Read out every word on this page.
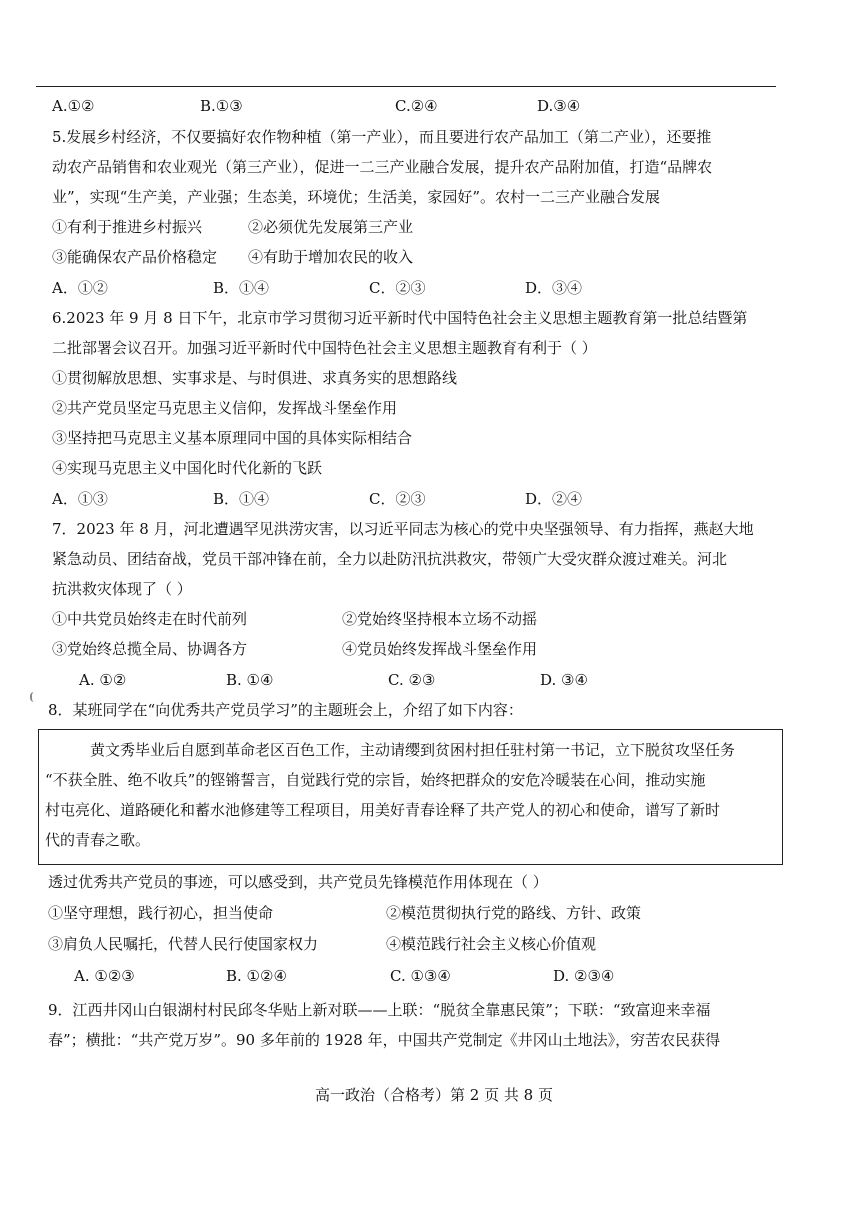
A.①②	B.①③	C.②④	D.③④
5.发展乡村经济，不仅要搞好农作物种植（第一产业），而且要进行农产品加工（第二产业），还要推
动农产品销售和农业观光（第三产业），促进一二三产业融合发展，提升农产品附加值，打造“品牌农
业”，实现“生产美，产业强；生态美，环境优；生活美，家园好”。农村一二三产业融合发展
①有利于推进乡村振兴	②必须优先发展第三产业
③能确保农产品价格稳定 ④有助于增加农民的收入
A．①②	B．①④	C．②③	D．③④
6.2023 年 9 月 8 日下午，北京市学习贯彻习近平新时代中国特色社会主义思想主题教育第一批总结暨第
二批部署会议召开。加强习近平新时代中国特色社会主义思想主题教育有利于（ ）
①贯彻解放思想、实事求是、与时俱进、求真务实的思想路线
②共产党员坚定马克思主义信仰，发挥战斗堡垒作用
③坚持把马克思主义基本原理同中国的具体实际相结合
④实现马克思主义中国化时代化新的飞跃
A．①③	B．①④	C．②③	D．②④
7．2023 年 8 月，河北遭遇罕见洪涝灾害，以习近平同志为核心的党中央坚强领导、有力指挥，燕赵大地
紧急动员、团结奋战，党员干部冲锋在前，全力以赴防汛抗洪救灾，带领广大受灾群众渡过难关。河北
抗洪救灾体现了（ ）
①中共党员始终走在时代前列	②党始终坚持根本立场不动摇
③党始终总揽全局、协调各方	④党员始终发挥战斗堡垒作用
A. ①②	B. ①④	C. ②③	D. ③④
8．某班同学在“向优秀共产党员学习”的主题班会上，介绍了如下内容：
黄文秀毕业后自愿到革命老区百色工作，主动请缨到贫困村担任驻村第一书记，立下脱贫攻坚任务
“不获全胜、绝不收兵”的铿锵誓言，自觉践行党的宗旨，始终把群众的安危冷暖装在心间，推动实施
村屯亮化、道路硬化和蓄水池修建等工程项目，用美好青春诠释了共产党人的初心和使命，谱写了新时
代的青春之歌。
透过优秀共产党员的事迹，可以感受到，共产党员先锋模范作用体现在（ ）
①坚守理想，践行初心，担当使命	②模范贯彻执行党的路线、方针、政策
③肩负人民嘱托，代替人民行使国家权力	④模范践行社会主义核心价值观
A. ①②③	B. ①②④	C. ①③④	D. ②③④
9．江西井冈山白银湖村村民邱冬华贴上新对联——上联：“脱贫全靠惠民策”；下联：“致富迎来幸福
春”；横批：“共产党万岁”。90 多年前的 1928 年，中国共产党制定《井冈山土地法》，穷苦农民获得
高一政治（合格考）第 2 页 共 8 页
